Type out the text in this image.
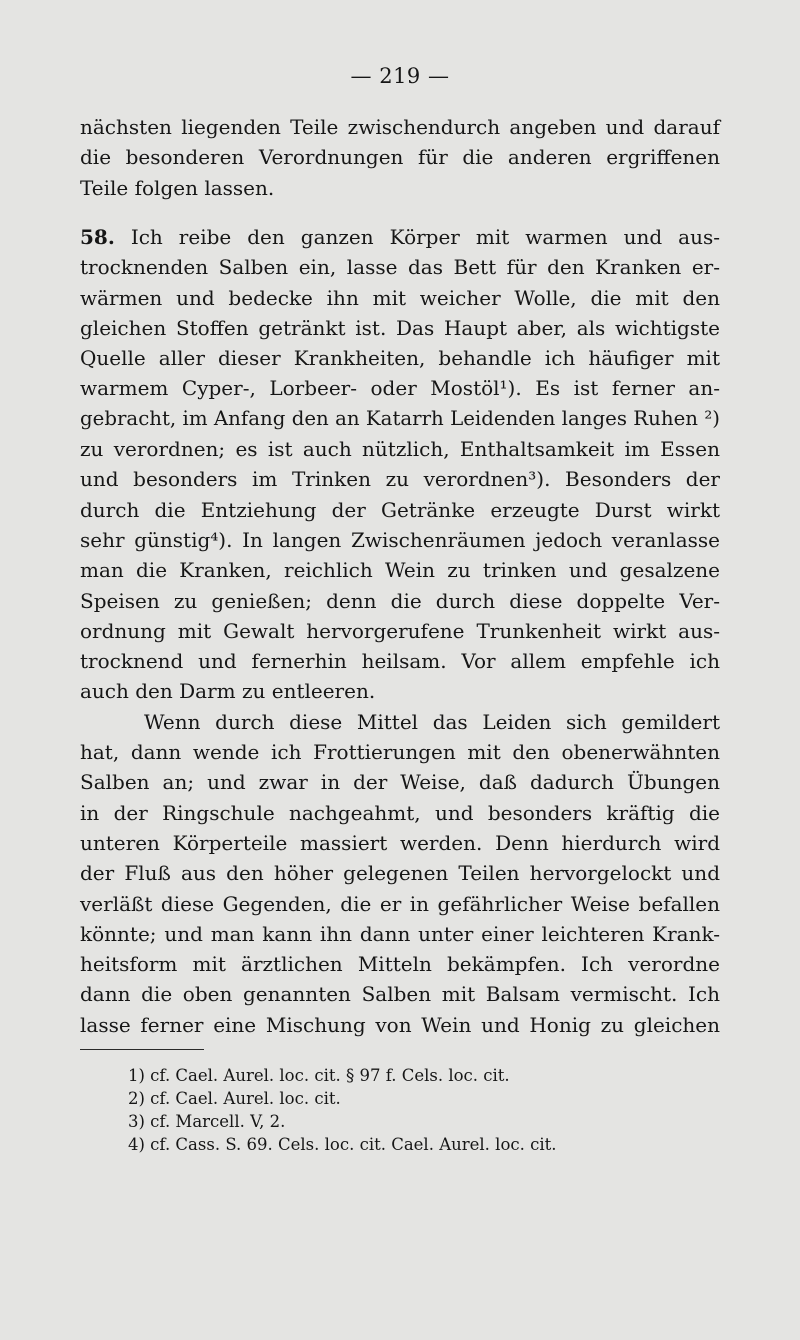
— 219 —
nächsten liegenden Teile zwischendurch angeben und darauf
die besonderen Verordnungen für die anderen ergriffenen
Teile folgen lassen.
58. Ich reibe den ganzen Körper mit warmen und aus-
trocknenden Salben ein, lasse das Bett für den Kranken er-
wärmen und bedecke ihn mit weicher Wolle, die mit den
gleichen Stoffen getränkt ist. Das Haupt aber, als wichtigste
Quelle aller dieser Krankheiten, behandle ich häufiger mit
warmem Cyper-, Lorbeer- oder Mostöl¹). Es ist ferner an-
gebracht, im Anfang den an Katarrh Leidenden langes Ruhen ²)
zu verordnen; es ist auch nützlich, Enthaltsamkeit im Essen
und besonders im Trinken zu verordnen³). Besonders der
durch die Entziehung der Getränke erzeugte Durst wirkt
sehr günstig⁴). In langen Zwischenräumen jedoch veranlasse
man die Kranken, reichlich Wein zu trinken und gesalzene
Speisen zu genießen; denn die durch diese doppelte Ver-
ordnung mit Gewalt hervorgerufene Trunkenheit wirkt aus-
trocknend und fernerhin heilsam. Vor allem empfehle ich
auch den Darm zu entleeren.
Wenn durch diese Mittel das Leiden sich gemildert
hat, dann wende ich Frottierungen mit den obenerwähnten
Salben an; und zwar in der Weise, daß dadurch Übungen
in der Ringschule nachgeahmt, und besonders kräftig die
unteren Körperteile massiert werden. Denn hierdurch wird
der Fluß aus den höher gelegenen Teilen hervorgelockt und
verläßt diese Gegenden, die er in gefährlicher Weise befallen
könnte; und man kann ihn dann unter einer leichteren Krank-
heitsform mit ärztlichen Mitteln bekämpfen. Ich verordne
dann die oben genannten Salben mit Balsam vermischt. Ich
lasse ferner eine Mischung von Wein und Honig zu gleichen
1) cf. Cael. Aurel. loc. cit. § 97 f. Cels. loc. cit.
2) cf. Cael. Aurel. loc. cit.
3) cf. Marcell. V, 2.
4) cf. Cass. S. 69. Cels. loc. cit. Cael. Aurel. loc. cit.
